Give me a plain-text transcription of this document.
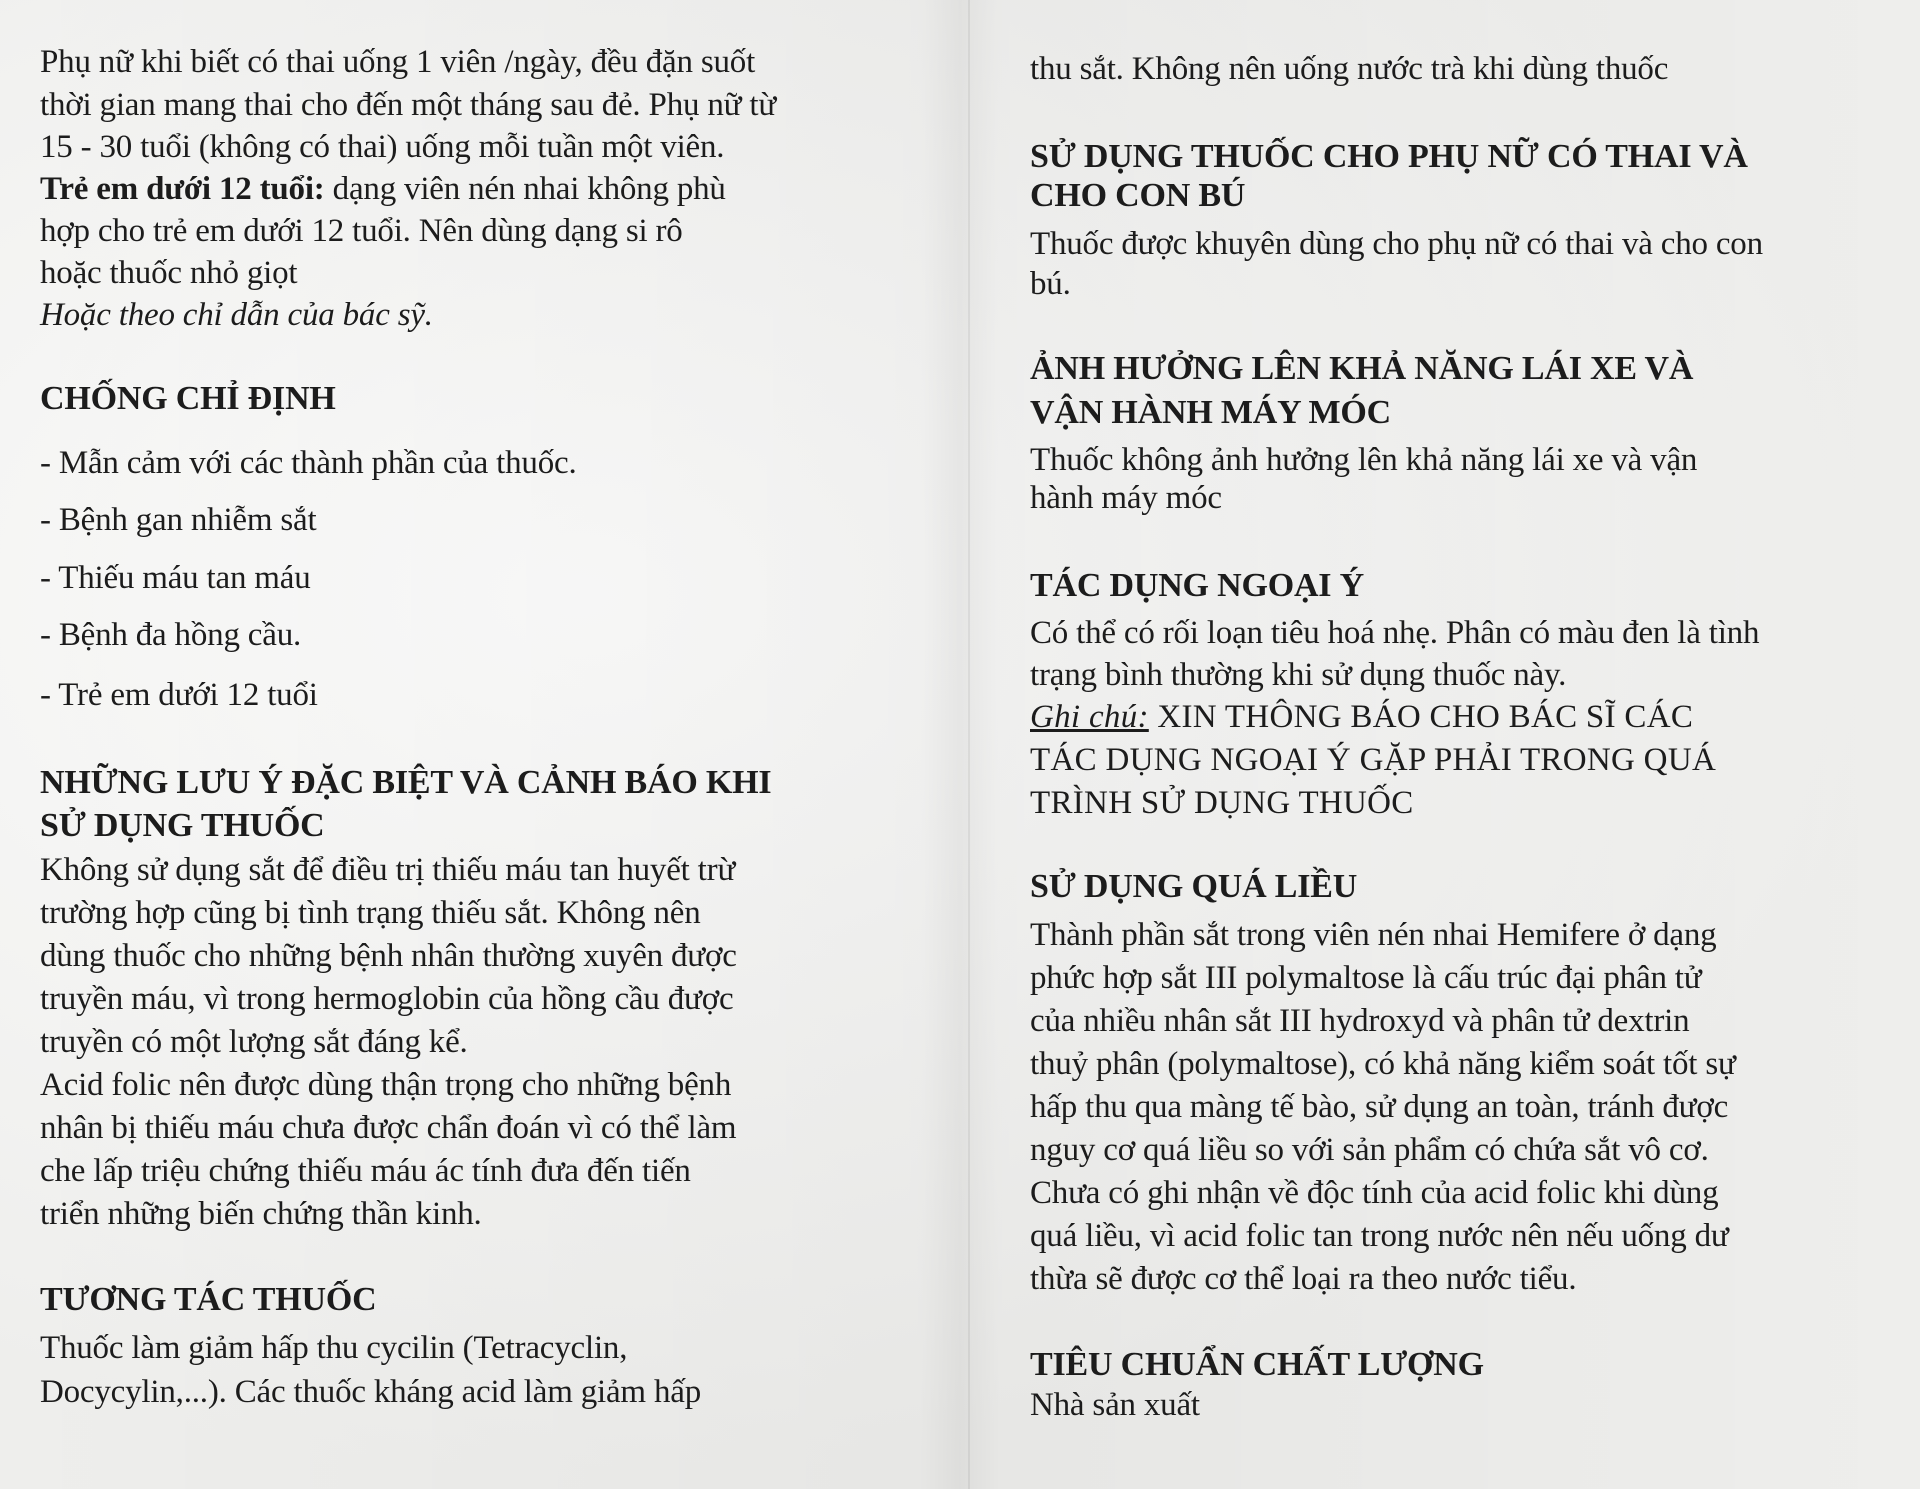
Phụ nữ khi biết có thai uống 1 viên /ngày, đều đặn suốt
thời gian mang thai cho đến một tháng sau đẻ. Phụ nữ từ
15 - 30 tuổi (không có thai) uống mỗi tuần một viên.
Trẻ em dưới 12 tuổi: dạng viên nén nhai không phù
hợp cho trẻ em dưới 12 tuổi. Nên dùng dạng si rô
hoặc thuốc nhỏ giọt
Hoặc theo chỉ dẫn của bác sỹ.
CHỐNG CHỈ ĐỊNH
- Mẫn cảm với các thành phần của thuốc.
- Bệnh gan nhiễm sắt
- Thiếu máu tan máu
- Bệnh đa hồng cầu.
- Trẻ em dưới 12 tuổi
NHỮNG LƯU Ý ĐẶC BIỆT VÀ CẢNH BÁO KHI
SỬ DỤNG THUỐC
Không sử dụng sắt để điều trị thiếu máu tan huyết trừ
trường hợp cũng bị tình trạng thiếu sắt. Không nên
dùng thuốc cho những bệnh nhân thường xuyên được
truyền máu, vì trong hermoglobin của hồng cầu được
truyền có một lượng sắt đáng kể.
Acid folic nên được dùng thận trọng cho những bệnh
nhân bị thiếu máu chưa được chẩn đoán vì có thể làm
che lấp triệu chứng thiếu máu ác tính đưa đến tiến
triển những biến chứng thần kinh.
TƯƠNG TÁC THUỐC
Thuốc làm giảm hấp thu cycilin (Tetracyclin,
Docycylin,...). Các thuốc kháng acid làm giảm hấp
thu sắt. Không nên uống nước trà khi dùng thuốc
SỬ DỤNG THUỐC CHO PHỤ NỮ CÓ THAI VÀ
CHO CON BÚ
Thuốc được khuyên dùng cho phụ nữ có thai và cho con
bú.
ẢNH HƯỞNG LÊN KHẢ NĂNG LÁI XE VÀ
VẬN HÀNH MÁY MÓC
Thuốc không ảnh hưởng lên khả năng lái xe và vận
hành máy móc
TÁC DỤNG NGOẠI Ý
Có thể có rối loạn tiêu hoá nhẹ. Phân có màu đen là tình
trạng bình thường khi sử dụng thuốc này.
Ghi chú: XIN THÔNG BÁO CHO BÁC SĨ CÁC
TÁC DỤNG NGOẠI Ý GẶP PHẢI TRONG QUÁ
TRÌNH SỬ DỤNG THUỐC
SỬ DỤNG QUÁ LIỀU
Thành phần sắt trong viên nén nhai Hemifere ở dạng
phức hợp sắt III polymaltose là cấu trúc đại phân tử
của nhiều nhân sắt III hydroxyd và phân tử dextrin
thuỷ phân (polymaltose), có khả năng kiểm soát tốt sự
hấp thu qua màng tế bào, sử dụng an toàn, tránh được
nguy cơ quá liều so với sản phẩm có chứa sắt vô cơ.
Chưa có ghi nhận về độc tính của acid folic khi dùng
quá liều, vì acid folic tan trong nước nên nếu uống dư
thừa sẽ được cơ thể loại ra theo nước tiểu.
TIÊU CHUẨN CHẤT LƯỢNG
Nhà sản xuất
